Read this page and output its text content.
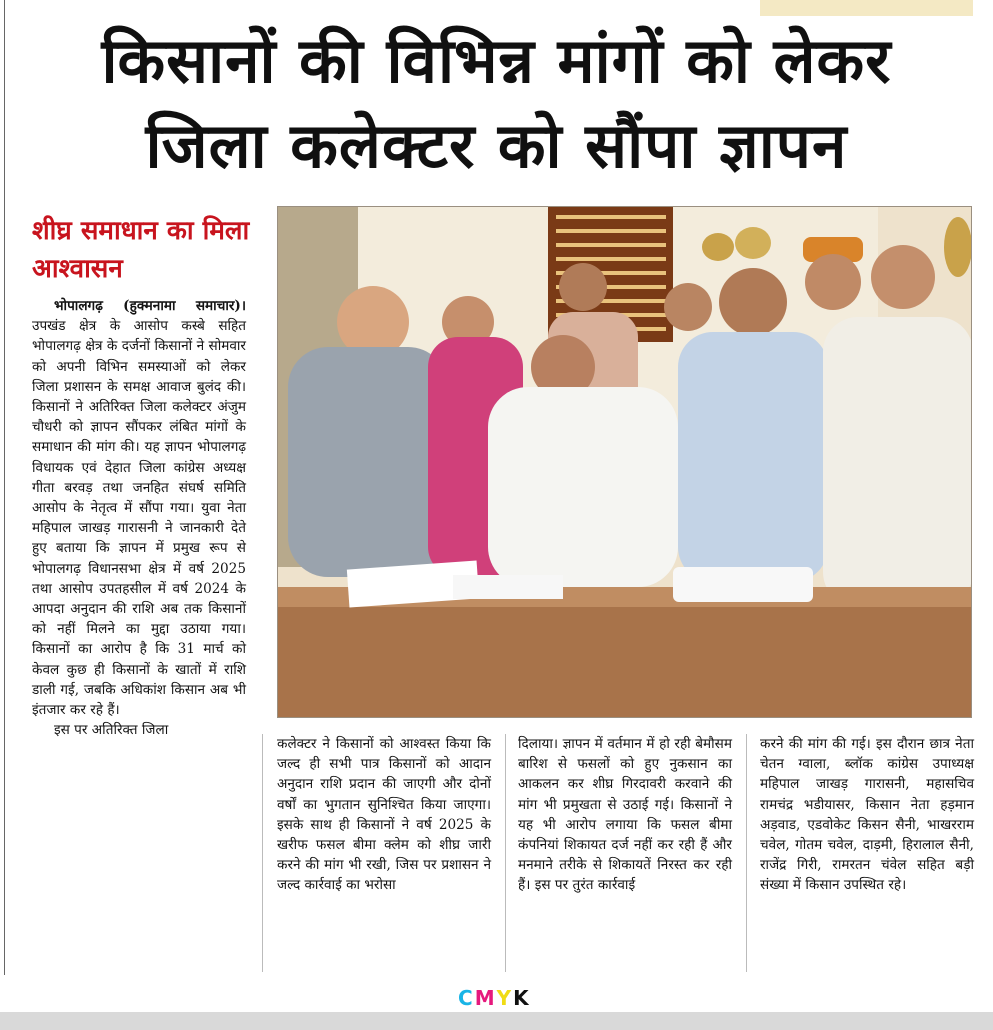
किसानों की विभिन्न मांगों को लेकर
जिला कलेक्टर को सौंपा ज्ञापन
शीघ्र समाधान का मिला आश्वासन

भोपालगढ़ (हुक्मनामा समाचार)। उपखंड क्षेत्र के आसोप कस्बे सहित भोपालगढ़ क्षेत्र के दर्जनों किसानों ने सोमवार को अपनी विभिन समस्याओं को लेकर जिला प्रशासन के समक्ष आवाज बुलंद की। किसानों ने अतिरिक्त जिला कलेक्टर अंजुम चौधरी को ज्ञापन सौंपकर लंबित मांगों के समाधान की मांग की। यह ज्ञापन भोपालगढ़ विधायक एवं देहात जिला कांग्रेस अध्यक्ष गीता बरवड़ तथा जनहित संघर्ष समिति आसोप के नेतृत्व में सौंपा गया। युवा नेता महिपाल जाखड़ गारासनी ने जानकारी देते हुए बताया कि ज्ञापन में प्रमुख रूप से भोपालगढ़ विधानसभा क्षेत्र में वर्ष 2025 तथा आसोप उपतहसील में वर्ष 2024 के आपदा अनुदान की राशि अब तक किसानों को नहीं मिलने का मुद्दा उठाया गया। किसानों का आरोप है कि 31 मार्च को केवल कुछ ही किसानों के खातों में राशि डाली गई, जबकि अधिकांश किसान अब भी इंतजार कर रहे हैं।

इस पर अतिरिक्त जिला

कलेक्टर ने किसानों को आश्वस्त किया कि जल्द ही सभी पात्र किसानों को आदान अनुदान राशि प्रदान की जाएगी और दोनों वर्षों का भुगतान सुनिश्चित किया जाएगा। इसके साथ ही किसानों ने वर्ष 2025 के खरीफ फसल बीमा क्लेम को शीघ्र जारी करने की मांग भी रखी, जिस पर प्रशासन ने जल्द कार्रवाई का भरोसा
दिलाया। ज्ञापन में वर्तमान में हो रही बेमौसम बारिश से फसलों को हुए नुकसान का आकलन कर शीघ्र गिरदावरी करवाने की मांग भी प्रमुखता से उठाई गई। किसानों ने यह भी आरोप लगाया कि फसल बीमा कंपनियां शिकायत दर्ज नहीं कर रही हैं और मनमाने तरीके से शिकायतें निरस्त कर रही हैं। इस पर तुरंत कार्रवाई
करने की मांग की गई। इस दौरान छात्र नेता चेतन ग्वाला, ब्लॉक कांग्रेस उपाध्यक्ष महिपाल जाखड़ गारासनी, महासचिव रामचंद्र भडीयासर, किसान नेता हड़मान अड़वाड, एडवोकेट किसन सैनी, भाखरराम चवेल, गोतम चवेल, दाड़मी, हिरालाल सैनी, राजेंद्र गिरी, रामरतन चंवेल सहित बड़ी संख्या में किसान उपस्थित रहे।
CMYK
